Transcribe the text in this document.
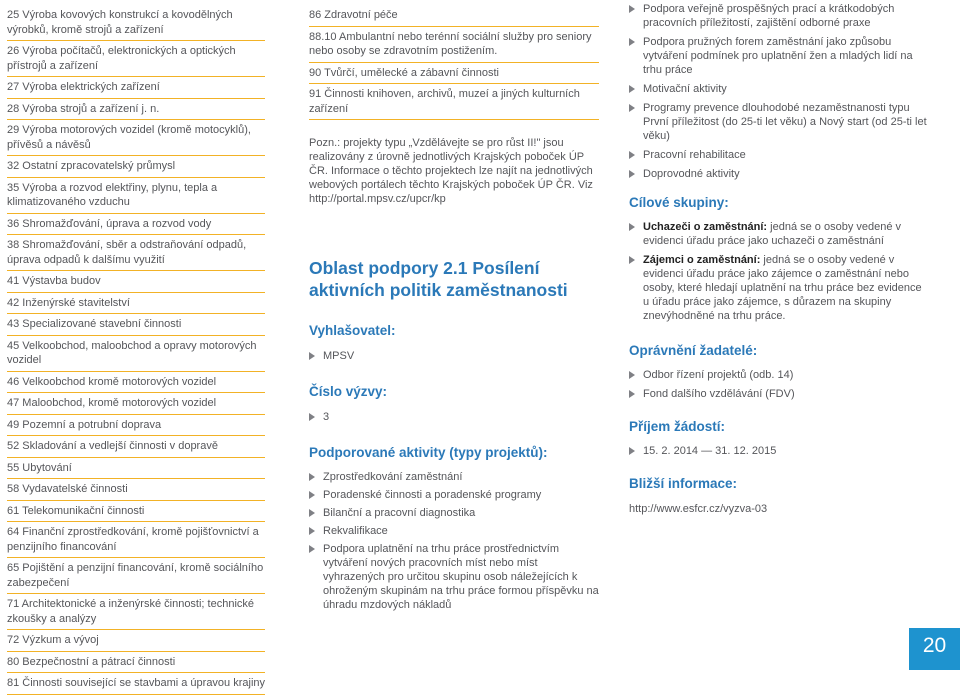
25 Výroba kovových konstrukcí a kovodělných výrobků, kromě strojů a zařízení
26 Výroba počítačů, elektronických a optických přístrojů a zařízení
27 Výroba elektrických zařízení
28 Výroba strojů a zařízení j. n.
29 Výroba motorových vozidel (kromě motocyklů), přívěsů a návěsů
32 Ostatní zpracovatelský průmysl
35 Výroba a rozvod elektřiny, plynu, tepla a klimatizovaného vzduchu
36 Shromažďování, úprava a rozvod vody
38 Shromažďování, sběr a odstraňování odpadů, úprava odpadů k dalšímu využití
41 Výstavba budov
42 Inženýrské stavitelství
43 Specializované stavební činnosti
45 Velkoobchod, maloobchod a opravy motorových vozidel
46 Velkoobchod kromě motorových vozidel
47 Maloobchod, kromě motorových vozidel
49 Pozemní a potrubní doprava
52 Skladování a vedlejší činnosti v dopravě
55 Ubytování
58 Vydavatelské činnosti
61 Telekomunikační činnosti
64 Finanční zprostředkování, kromě pojišťovnictví a penzijního financování
65 Pojištění a penzijní financování, kromě sociálního zabezpečení
71 Architektonické a inženýrské činnosti; technické zkoušky a analýzy
72 Výzkum a vývoj
80 Bezpečnostní a pátrací činnosti
81 Činnosti související se stavbami a úpravou krajiny
86 Zdravotní péče
88.10 Ambulantní nebo terénní sociální služby pro seniory nebo osoby se zdravotním postižením.
90 Tvůrčí, umělecké a zábavní činnosti
91 Činnosti knihoven, archivů, muzeí a jiných kulturních zařízení
Pozn.: projekty typu „Vzdělávejte se pro růst II!" jsou realizovány z úrovně jednotlivých Krajských poboček ÚP ČR. Informace o těchto projektech lze najít na jednotlivých webových portálech těchto Krajských poboček ÚP ČR. Viz http://portal.mpsv.cz/upcr/kp
Oblast podpory 2.1 Posílení aktivních politik zaměstnanosti
Vyhlašovatel:
MPSV
Číslo výzvy:
3
Podporované aktivity (typy projektů):
Zprostředkování zaměstnání
Poradenské činnosti a poradenské programy
Bilanční a pracovní diagnostika
Rekvalifikace
Podpora uplatnění na trhu práce prostřednictvím vytváření nových pracovních míst nebo míst vyhrazených pro určitou skupinu osob náležejících k ohroženým skupinám na trhu práce formou příspěvku na úhradu mzdových nákladů
Podpora veřejně prospěšných prací a krátkodobých pracovních příležitostí, zajištění odborné praxe
Podpora pružných forem zaměstnání jako způsobu vytváření podmínek pro uplatnění žen a mladých lidí na trhu práce
Motivační aktivity
Programy prevence dlouhodobé nezaměstnanosti typu První příležitost (do 25-ti let věku) a Nový start (od 25-ti let věku)
Pracovní rehabilitace
Doprovodné aktivity
Cílové skupiny:
Uchazeči o zaměstnání: jedná se o osoby vedené v evidenci úřadu práce jako uchazeči o zaměstnání
Zájemci o zaměstnání: jedná se o osoby vedené v evidenci úřadu práce jako zájemce o zaměstnání nebo osoby, které hledají uplatnění na trhu práce bez evidence u úřadu práce jako zájemce, s důrazem na skupiny znevýhodněné na trhu práce.
Oprávnění žadatelé:
Odbor řízení projektů (odb. 14)
Fond dalšího vzdělávání (FDV)
Příjem žádostí:
15. 2. 2014 — 31. 12. 2015
Bližší informace:
http://www.esfcr.cz/vyzva-03
20
